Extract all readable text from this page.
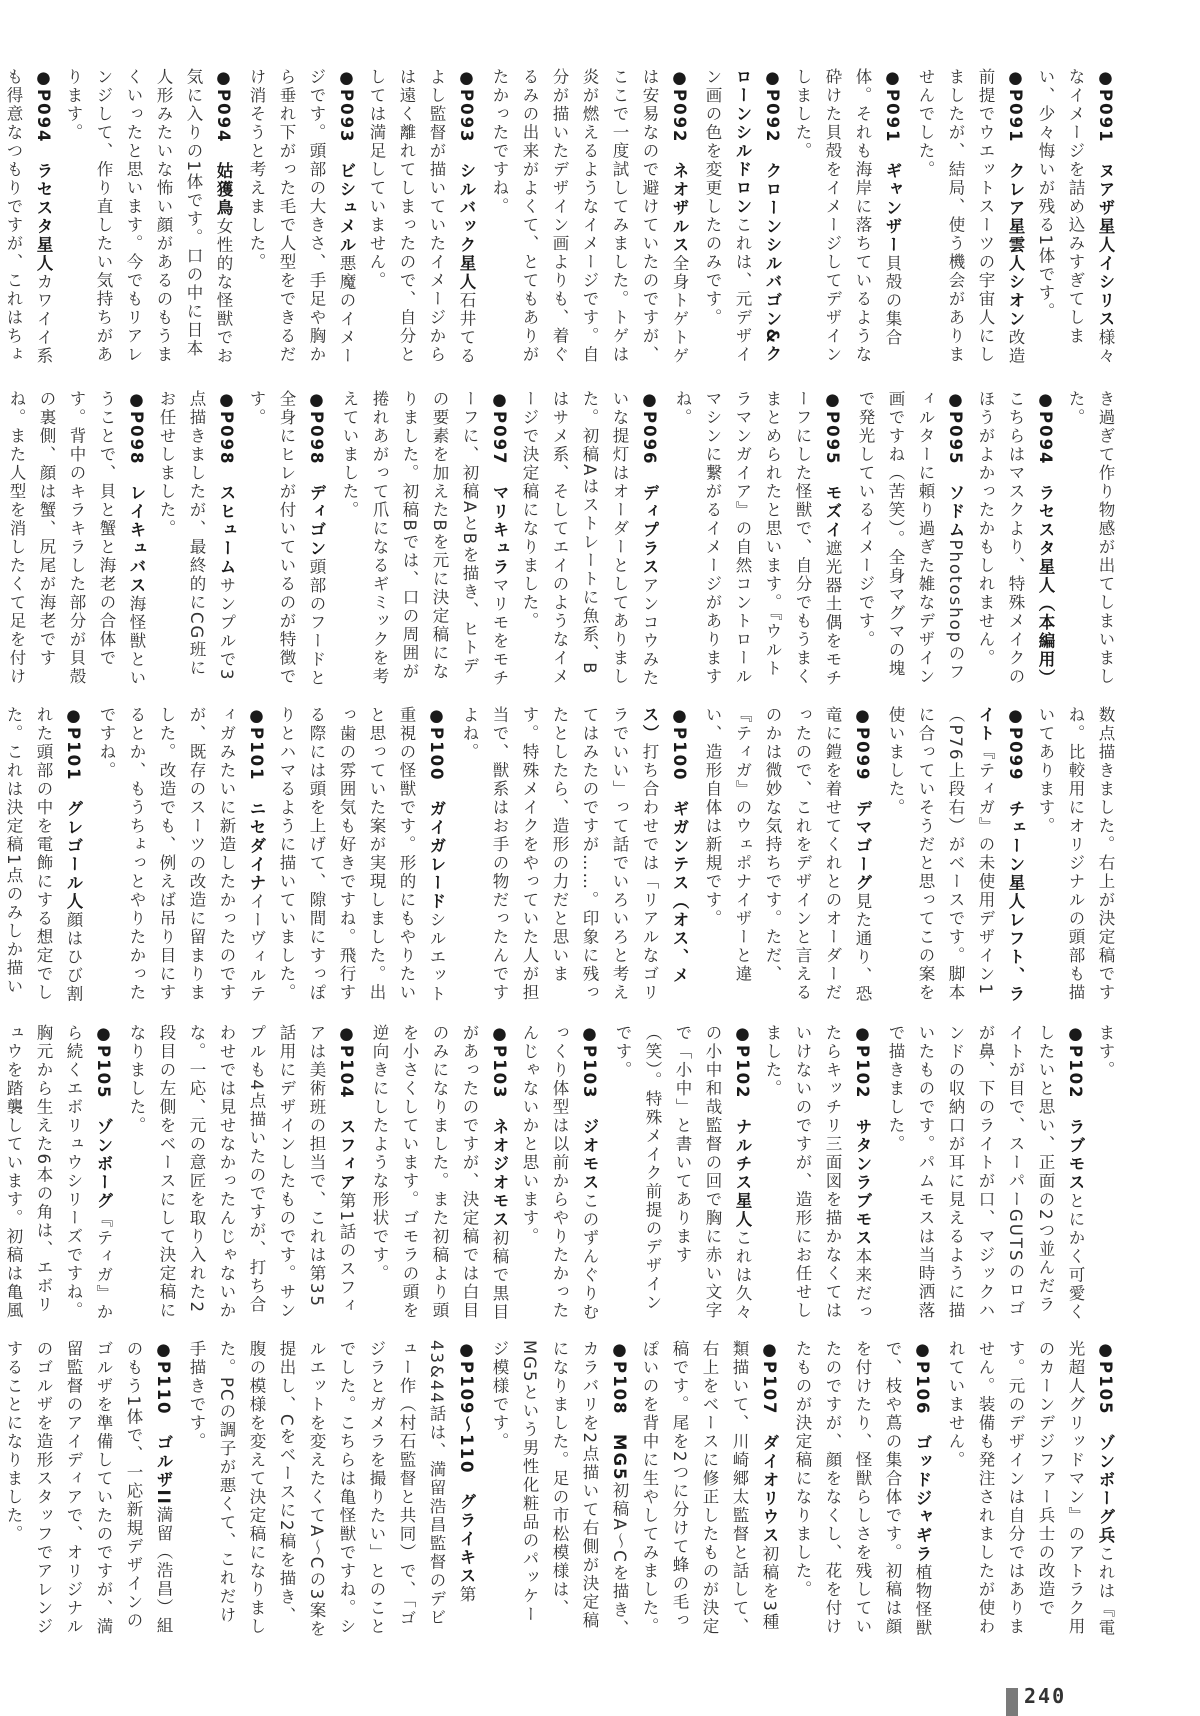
●P091　ヌアザ星人イシリス様々なイメージを詰め込みすぎてしまい、少々悔いが残る1体です。
●P091　クレア星雲人シオン改造前提でウエットスーツの宇宙人にしましたが、結局、使う機会がありませんでした。
●P091　ギャンザー貝殻の集合体。それも海岸に落ちているような砕けた貝殻をイメージしてデザインしました。
●P092　クローンシルバゴン&クローンシルドロンこれは、元デザイン画の色を変更したのみです。
●P092　ネオザルス全身トゲトゲは安易なので避けていたのですが、ここで一度試してみました。トゲは炎が燃えるようなイメージです。自分が描いたデザイン画よりも、着ぐるみの出来がよくて、とてもありがたかったですね。
●P093　シルバック星人石井てるよし監督が描いていたイメージからは遠く離れてしまったので、自分としては満足していません。
●P093　ビシュメル悪魔のイメージです。頭部の大きさ、手足や胸から垂れ下がった毛で人型をできるだけ消そうと考えました。
●P094　姑獲鳥女性的な怪獣でお気に入りの1体です。口の中に日本人形みたいな怖い顔があるのもうまくいったと思います。今でもリアレンジして、作り直したい気持ちがあります。
●P094　ラセスタ星人カワイイ系も得意なつもりですが、これはちょ
き過ぎて作り物感が出てしまいました。
●P094　ラセスタ星人（本編用）こちらはマスクより、特殊メイクのほうがよかったかもしれません。
●P095　ソドムPhotoshopのフィルターに頼り過ぎた雑なデザイン画ですね（苦笑）。全身マグマの塊で発光しているイメージです。
●P095　モズイ遮光器土偶をモチーフにした怪獣で、自分でもうまくまとめられたと思います。『ウルトラマンガイア』の自然コントロールマシンに繋がるイメージがありますね。
●P096　ディプラスアンコウみたいな提灯はオーダーとしてありました。初稿Aはストレートに魚系、Bはサメ系、そしてエイのようなイメージで決定稿になりました。
●P097　マリキュラマリモをモチーフに、初稿AとBを描き、ヒトデの要素を加えたBを元に決定稿になりました。初稿Bでは、口の周囲が捲れあがって爪になるギミックを考えていました。
●P098　ディゴン頭部のフードと全身にヒレが付いているのが特徴です。
●P098　スヒュームサンプルで3点描きましたが、最終的にCG班にお任せしました。
●P098　レイキュバス海怪獣ということで、貝と蟹と海老の合体です。背中のキラキラした部分が貝殻の裏側、顔は蟹、尻尾が海老ですね。また人型を消したくて足を付け
数点描きました。右上が決定稿ですね。比較用にオリジナルの頭部も描いてあります。
●P099　チェーン星人レフト、ライト『ティガ』の未使用デザイン1（P76上段右）がベースです。脚本に合っていそうだと思ってこの案を使いました。
●P099　デマゴーグ見た通り、恐竜に鎧を着せてくれとのオーダーだったので、これをデザインと言えるのかは微妙な気持ちです。ただ、『ティガ』のウェポナイザーと違い、造形自体は新規です。
●P100　ギガンテス（オス、メス）打ち合わせでは「リアルなゴリラでいい」って話でいろいろと考えてはみたのですが……。印象に残ったとしたら、造形の力だと思います。特殊メイクをやっていた人が担当で、獣系はお手の物だったんですよね。
●P100　ガイガレードシルエット重視の怪獣です。形的にもやりたいと思っていた案が実現しました。出っ歯の雰囲気も好きですね。飛行する際には頭を上げて、隙間にすっぽりとハマるように描いていました。
●P101　ニセダイナイーヴィルティガみたいに新造したかったのですが、既存のスーツの改造に留まりました。改造でも、例えば吊り目にするとか、もうちょっとやりたかったですね。
●P101　グレゴール人顔はひび割れた頭部の中を電飾にする想定でした。これは決定稿1点のみしか描い
ます。
●P102　ラブモスとにかく可愛くしたいと思い、正面の2つ並んだライトが目で、スーパーGUTSのロゴが鼻、下のライトが口、マジックハンドの収納口が耳に見えるように描いたものです。パムモスは当時洒落で描きました。
●P102　サタンラブモス本来だったらキッチリ三面図を描かなくてはいけないのですが、造形にお任せしました。
●P102　ナルチス星人これは久々の小中和哉監督の回で胸に赤い文字で「小中」と書いてあります（笑）。特殊メイク前提のデザインです。
●P103　ジオモスこのずんぐりむっくり体型は以前からやりたかったんじゃないかと思います。
●P103　ネオジオモス初稿で黒目があったのですが、決定稿では白目のみになりました。また初稿より頭を小さくしています。ゴモラの頭を逆向きにしたような形状です。
●P104　スフィア第1話のスフィアは美術班の担当で、これは第35話用にデザインしたものです。サンプルも4点描いたのですが、打ち合わせでは見せなかったんじゃないかな。一応、元の意匠を取り入れた2段目の左側をベースにして決定稿になりました。
●P105　ゾンボーグ『ティガ』から続くエボリュウシリーズですね。胸元から生えた6本の角は、エボリュウを踏襲しています。初稿は亀風
●P105　ゾンボーグ兵これは『電光超人グリッドマン』のアトラク用のカーンデジファー兵士の改造です。元のデザインは自分ではありません。装備も発注されましたが使われていません。
●P106　ゴッドジャギラ植物怪獣で、枝や蔦の集合体です。初稿は顔を付けたり、怪獣らしさを残していたのですが、顔をなくし、花を付けたものが決定稿になりました。
●P107　ダイオリウス初稿を3種類描いて、川崎郷太監督と話して、右上をベースに修正したものが決定稿です。尾を2つに分けて蜂の毛っぽいのを背中に生やしてみました。
●P108　MG5初稿A～Cを描き、カラバリを2点描いて右側が決定稿になりました。足の市松模様は、MG5という男性化粧品のパッケージ模様です。
●P109～110　グライキス第43&44話は、満留浩昌監督のデビュー作（村石監督と共同）で、「ゴジラとガメラを撮りたい」とのことでした。こちらは亀怪獣ですね。シルエットを変えたくてA～Cの3案を提出し、Cをベースに2稿を描き、腹の模様を変えて決定稿になりました。PCの調子が悪くて、これだけ手描きです。
●P110　ゴルザII満留（浩昌）組のもう1体で、一応新規デザインのゴルザを準備していたのですが、満留監督のアイディアで、オリジナルのゴルザを造形スタッフでアレンジすることになりました。
240
